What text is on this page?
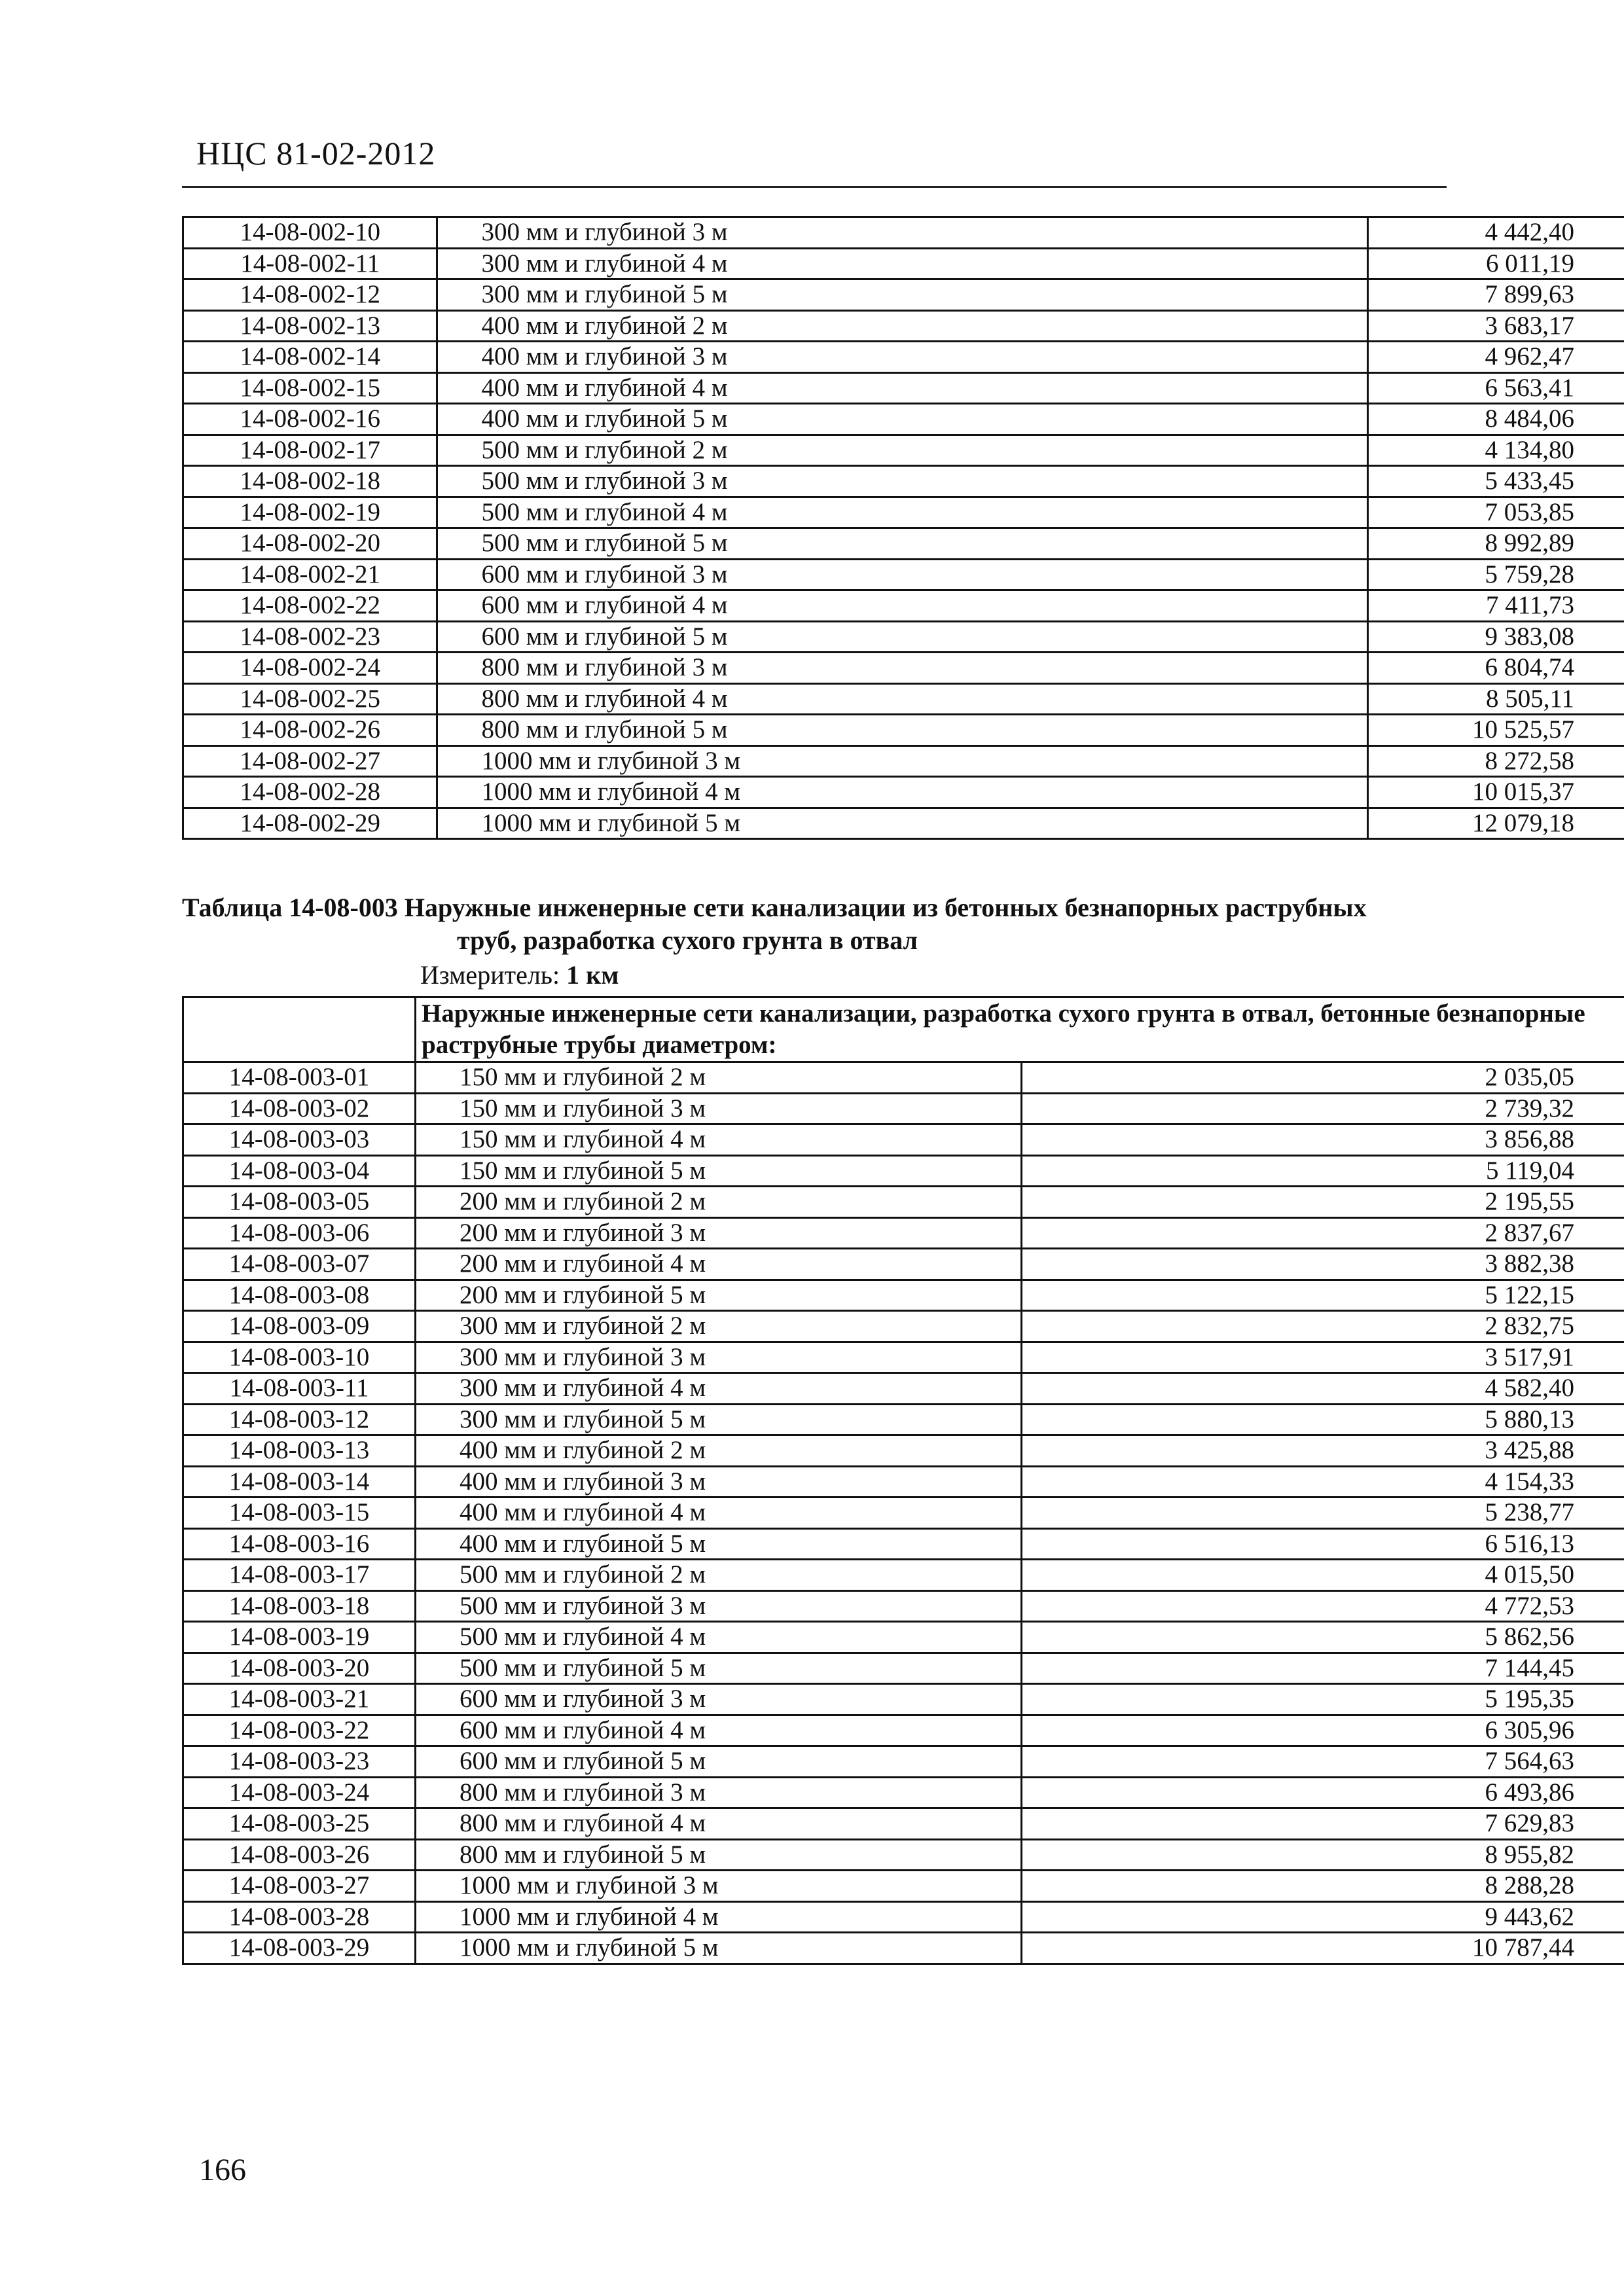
НЦС 81-02-2012
14-08-002-10	300 мм и глубиной 3 м	4 442,40
14-08-002-11	300 мм и глубиной 4 м	6 011,19
14-08-002-12	300 мм и глубиной 5 м	7 899,63
14-08-002-13	400 мм и глубиной 2 м	3 683,17
14-08-002-14	400 мм и глубиной 3 м	4 962,47
14-08-002-15	400 мм и глубиной 4 м	6 563,41
14-08-002-16	400 мм и глубиной 5 м	8 484,06
14-08-002-17	500 мм и глубиной 2 м	4 134,80
14-08-002-18	500 мм и глубиной 3 м	5 433,45
14-08-002-19	500 мм и глубиной 4 м	7 053,85
14-08-002-20	500 мм и глубиной 5 м	8 992,89
14-08-002-21	600 мм и глубиной 3 м	5 759,28
14-08-002-22	600 мм и глубиной 4 м	7 411,73
14-08-002-23	600 мм и глубиной 5 м	9 383,08
14-08-002-24	800 мм и глубиной 3 м	6 804,74
14-08-002-25	800 мм и глубиной 4 м	8 505,11
14-08-002-26	800 мм и глубиной 5 м	10 525,57
14-08-002-27	1000 мм и глубиной 3 м	8 272,58
14-08-002-28	1000 мм и глубиной 4 м	10 015,37
14-08-002-29	1000 мм и глубиной 5 м	12 079,18
Таблица 14-08-003 Наружные инженерные сети канализации из бетонных безнапорных раструбных
труб, разработка сухого грунта в отвал
Измеритель: 1 км
	Наружные инженерные сети канализации, разработка сухого грунта в отвал, бетонные безнапорные раструбные трубы диаметром:	
14-08-003-01	150 мм и глубиной 2 м	2 035,05
14-08-003-02	150 мм и глубиной 3 м	2 739,32
14-08-003-03	150 мм и глубиной 4 м	3 856,88
14-08-003-04	150 мм и глубиной 5 м	5 119,04
14-08-003-05	200 мм и глубиной 2 м	2 195,55
14-08-003-06	200 мм и глубиной 3 м	2 837,67
14-08-003-07	200 мм и глубиной 4 м	3 882,38
14-08-003-08	200 мм и глубиной 5 м	5 122,15
14-08-003-09	300 мм и глубиной 2 м	2 832,75
14-08-003-10	300 мм и глубиной 3 м	3 517,91
14-08-003-11	300 мм и глубиной 4 м	4 582,40
14-08-003-12	300 мм и глубиной 5 м	5 880,13
14-08-003-13	400 мм и глубиной 2 м	3 425,88
14-08-003-14	400 мм и глубиной 3 м	4 154,33
14-08-003-15	400 мм и глубиной 4 м	5 238,77
14-08-003-16	400 мм и глубиной 5 м	6 516,13
14-08-003-17	500 мм и глубиной 2 м	4 015,50
14-08-003-18	500 мм и глубиной 3 м	4 772,53
14-08-003-19	500 мм и глубиной 4 м	5 862,56
14-08-003-20	500 мм и глубиной 5 м	7 144,45
14-08-003-21	600 мм и глубиной 3 м	5 195,35
14-08-003-22	600 мм и глубиной 4 м	6 305,96
14-08-003-23	600 мм и глубиной 5 м	7 564,63
14-08-003-24	800 мм и глубиной 3 м	6 493,86
14-08-003-25	800 мм и глубиной 4 м	7 629,83
14-08-003-26	800 мм и глубиной 5 м	8 955,82
14-08-003-27	1000 мм и глубиной 3 м	8 288,28
14-08-003-28	1000 мм и глубиной 4 м	9 443,62
14-08-003-29	1000 мм и глубиной 5 м	10 787,44
166
